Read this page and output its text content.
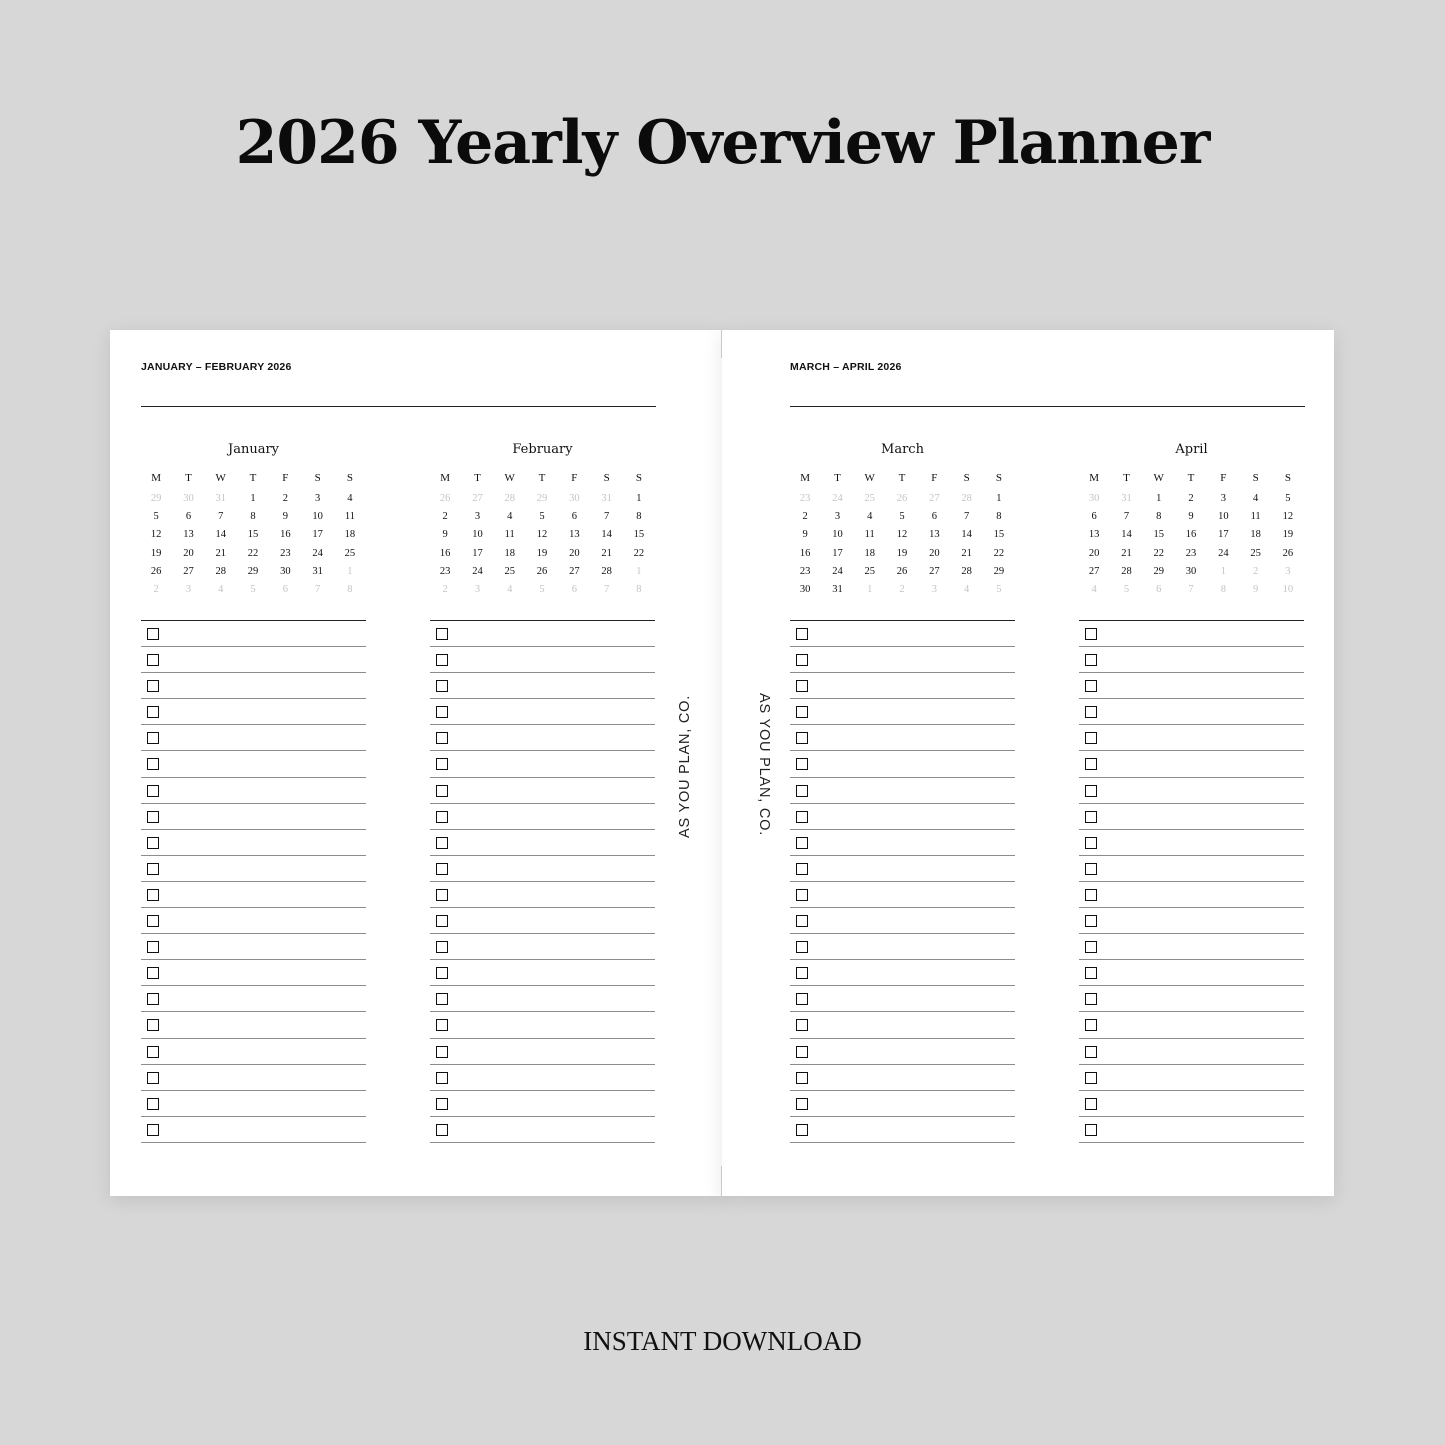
2026 Yearly Overview Planner
JANUARY – FEBRUARY 2026	MARCH – APRIL 2026
January
M	T	W	T	F	S	S
29	30	31	1	2	3	4
5	6	7	8	9	10	11
12	13	14	15	16	17	18
19	20	21	22	23	24	25
26	27	28	29	30	31	1
2	3	4	5	6	7	8
February
M	T	W	T	F	S	S
26	27	28	29	30	31	1
2	3	4	5	6	7	8
9	10	11	12	13	14	15
16	17	18	19	20	21	22
23	24	25	26	27	28	1
2	3	4	5	6	7	8
March
M	T	W	T	F	S	S
23	24	25	26	27	28	1
2	3	4	5	6	7	8
9	10	11	12	13	14	15
16	17	18	19	20	21	22
23	24	25	26	27	28	29
30	31	1	2	3	4	5
April
M	T	W	T	F	S	S
30	31	1	2	3	4	5
6	7	8	9	10	11	12
13	14	15	16	17	18	19
20	21	22	23	24	25	26
27	28	29	30	1	2	3
4	5	6	7	8	9	10
AS YOU PLAN, CO.	AS YOU PLAN, CO.
INSTANT DOWNLOAD
